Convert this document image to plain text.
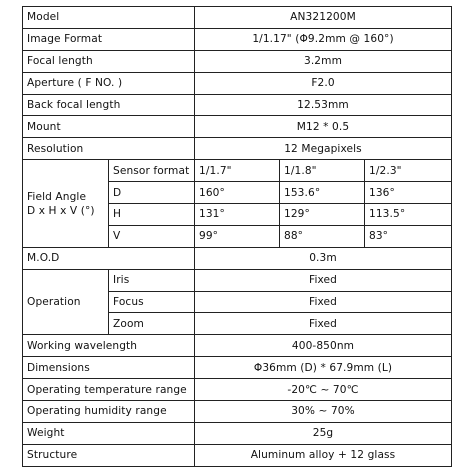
Model		AN321200M		
Image Format		1/1.17" (Φ9.2mm @ 160°)		
Focal length		3.2mm		
Aperture ( F NO. )		F2.0		
Back focal length		12.53mm		
Mount		M12 * 0.5		
Resolution		12 Megapixels		
Field Angle
D x H x V (°)	Sensor format	1/1.7"	1/1.8"	1/2.3"
	D	160°	153.6°	136°
	H	131°	129°	113.5°
	V	99°	88°	83°
M.O.D		0.3m		
Operation	Iris	Fixed		
	Focus	Fixed		
	Zoom	Fixed		
Working wavelength		400-850nm		
Dimensions		Φ36mm (D) * 67.9mm (L)		
Operating temperature range		-20℃ ~ 70℃		
Operating humidity range		30% ~ 70%		
Weight		25g		
Structure		Aluminum alloy + 12 glass		
